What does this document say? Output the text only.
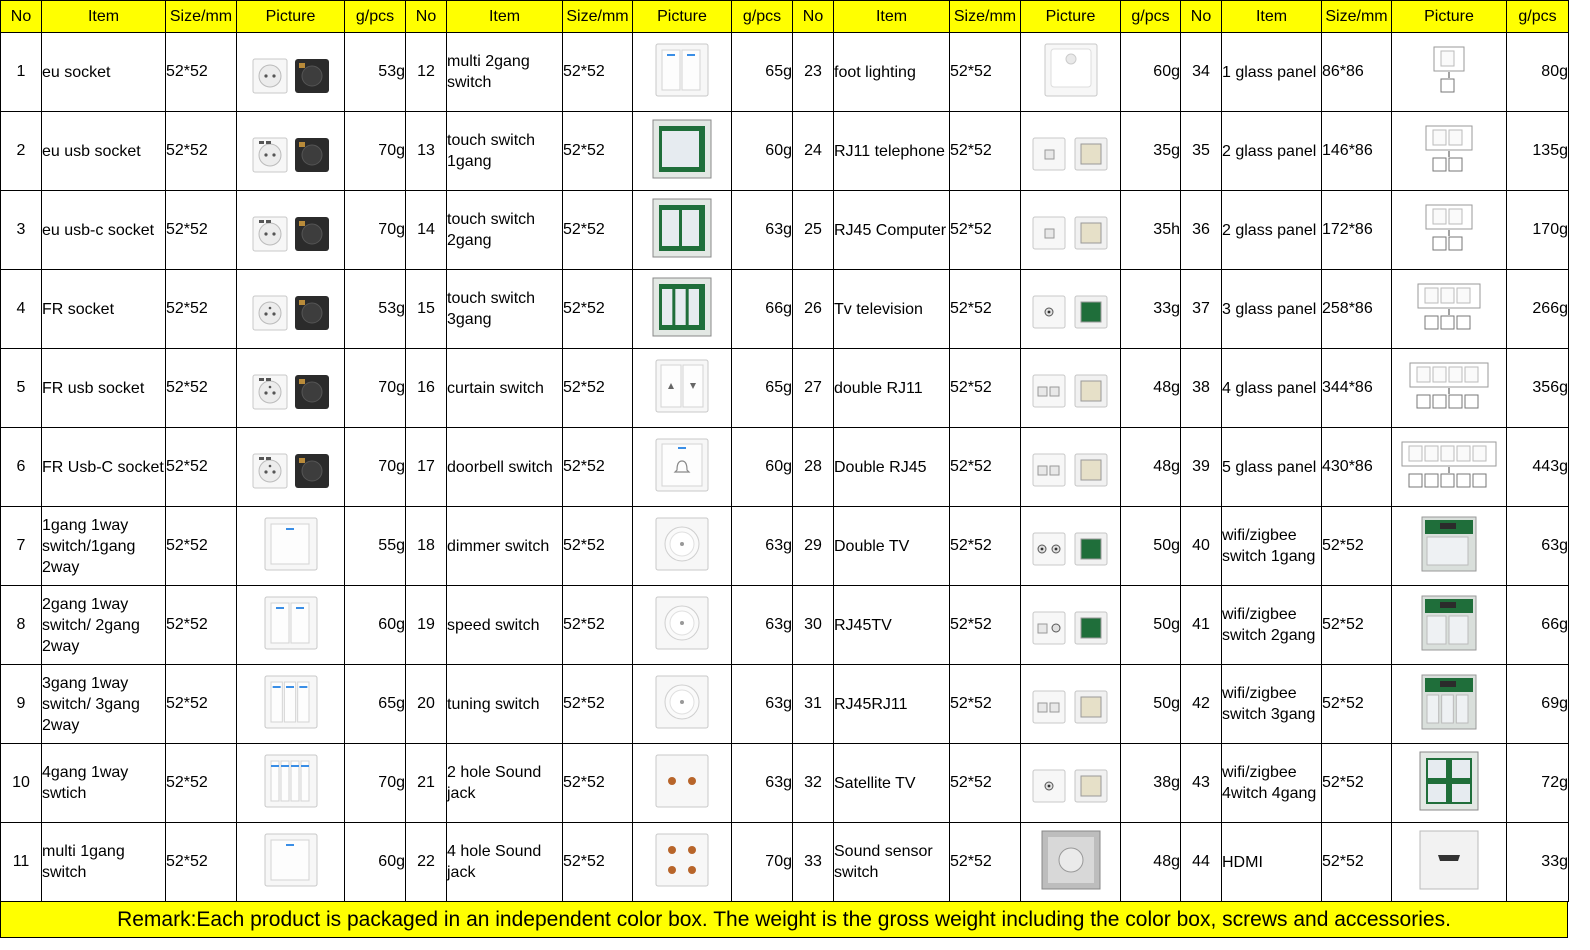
No	Item	Size/mm	Picture	g/pcs	No	Item	Size/mm	Picture	g/pcs	No	Item	Size/mm	Picture	g/pcs	No	Item	Size/mm	Picture	g/pcs
1	eu socket	52*52		53g	12	multi 2gang switch	52*52		65g	23	foot lighting	52*52		60g	34	1 glass panel	86*86		80g
2	eu usb socket	52*52		70g	13	touch switch 1gang	52*52		60g	24	RJ11 telephone	52*52		35g	35	2 glass panel	146*86		135g
3	eu usb-c socket	52*52		70g	14	touch switch 2gang	52*52		63g	25	RJ45 Computer	52*52		35h	36	2 glass panel	172*86		170g
4	FR socket	52*52		53g	15	touch switch 3gang	52*52		66g	26	Tv television	52*52		33g	37	3 glass panel	258*86		266g
5	FR usb socket	52*52		70g	16	curtain switch	52*52		65g	27	double RJ11	52*52		48g	38	4 glass panel	344*86		356g
6	FR Usb-C socket	52*52		70g	17	doorbell switch	52*52		60g	28	Double RJ45	52*52		48g	39	5 glass panel	430*86		443g
7	1gang 1way switch/1gang 2way	52*52		55g	18	dimmer switch	52*52		63g	29	Double TV	52*52		50g	40	wifi/zigbee switch 1gang	52*52		63g
8	2gang 1way switch/ 2gang 2way	52*52		60g	19	speed switch	52*52		63g	30	RJ45TV	52*52		50g	41	wifi/zigbee switch 2gang	52*52		66g
9	3gang 1way switch/ 3gang 2way	52*52		65g	20	tuning switch	52*52		63g	31	RJ45RJ11	52*52		50g	42	wifi/zigbee switch 3gang	52*52		69g
10	4gang 1way swtich	52*52		70g	21	2 hole Sound jack	52*52		63g	32	Satellite TV	52*52		38g	43	wifi/zigbee 4witch 4gang	52*52		72g
11	multi 1gang switch	52*52		60g	22	4 hole Sound jack	52*52		70g	33	Sound sensor switch	52*52		48g	44	HDMI	52*52		33g
Remark:Each product is packaged in an independent color box. The weight is the gross weight including the color box, screws and accessories.
